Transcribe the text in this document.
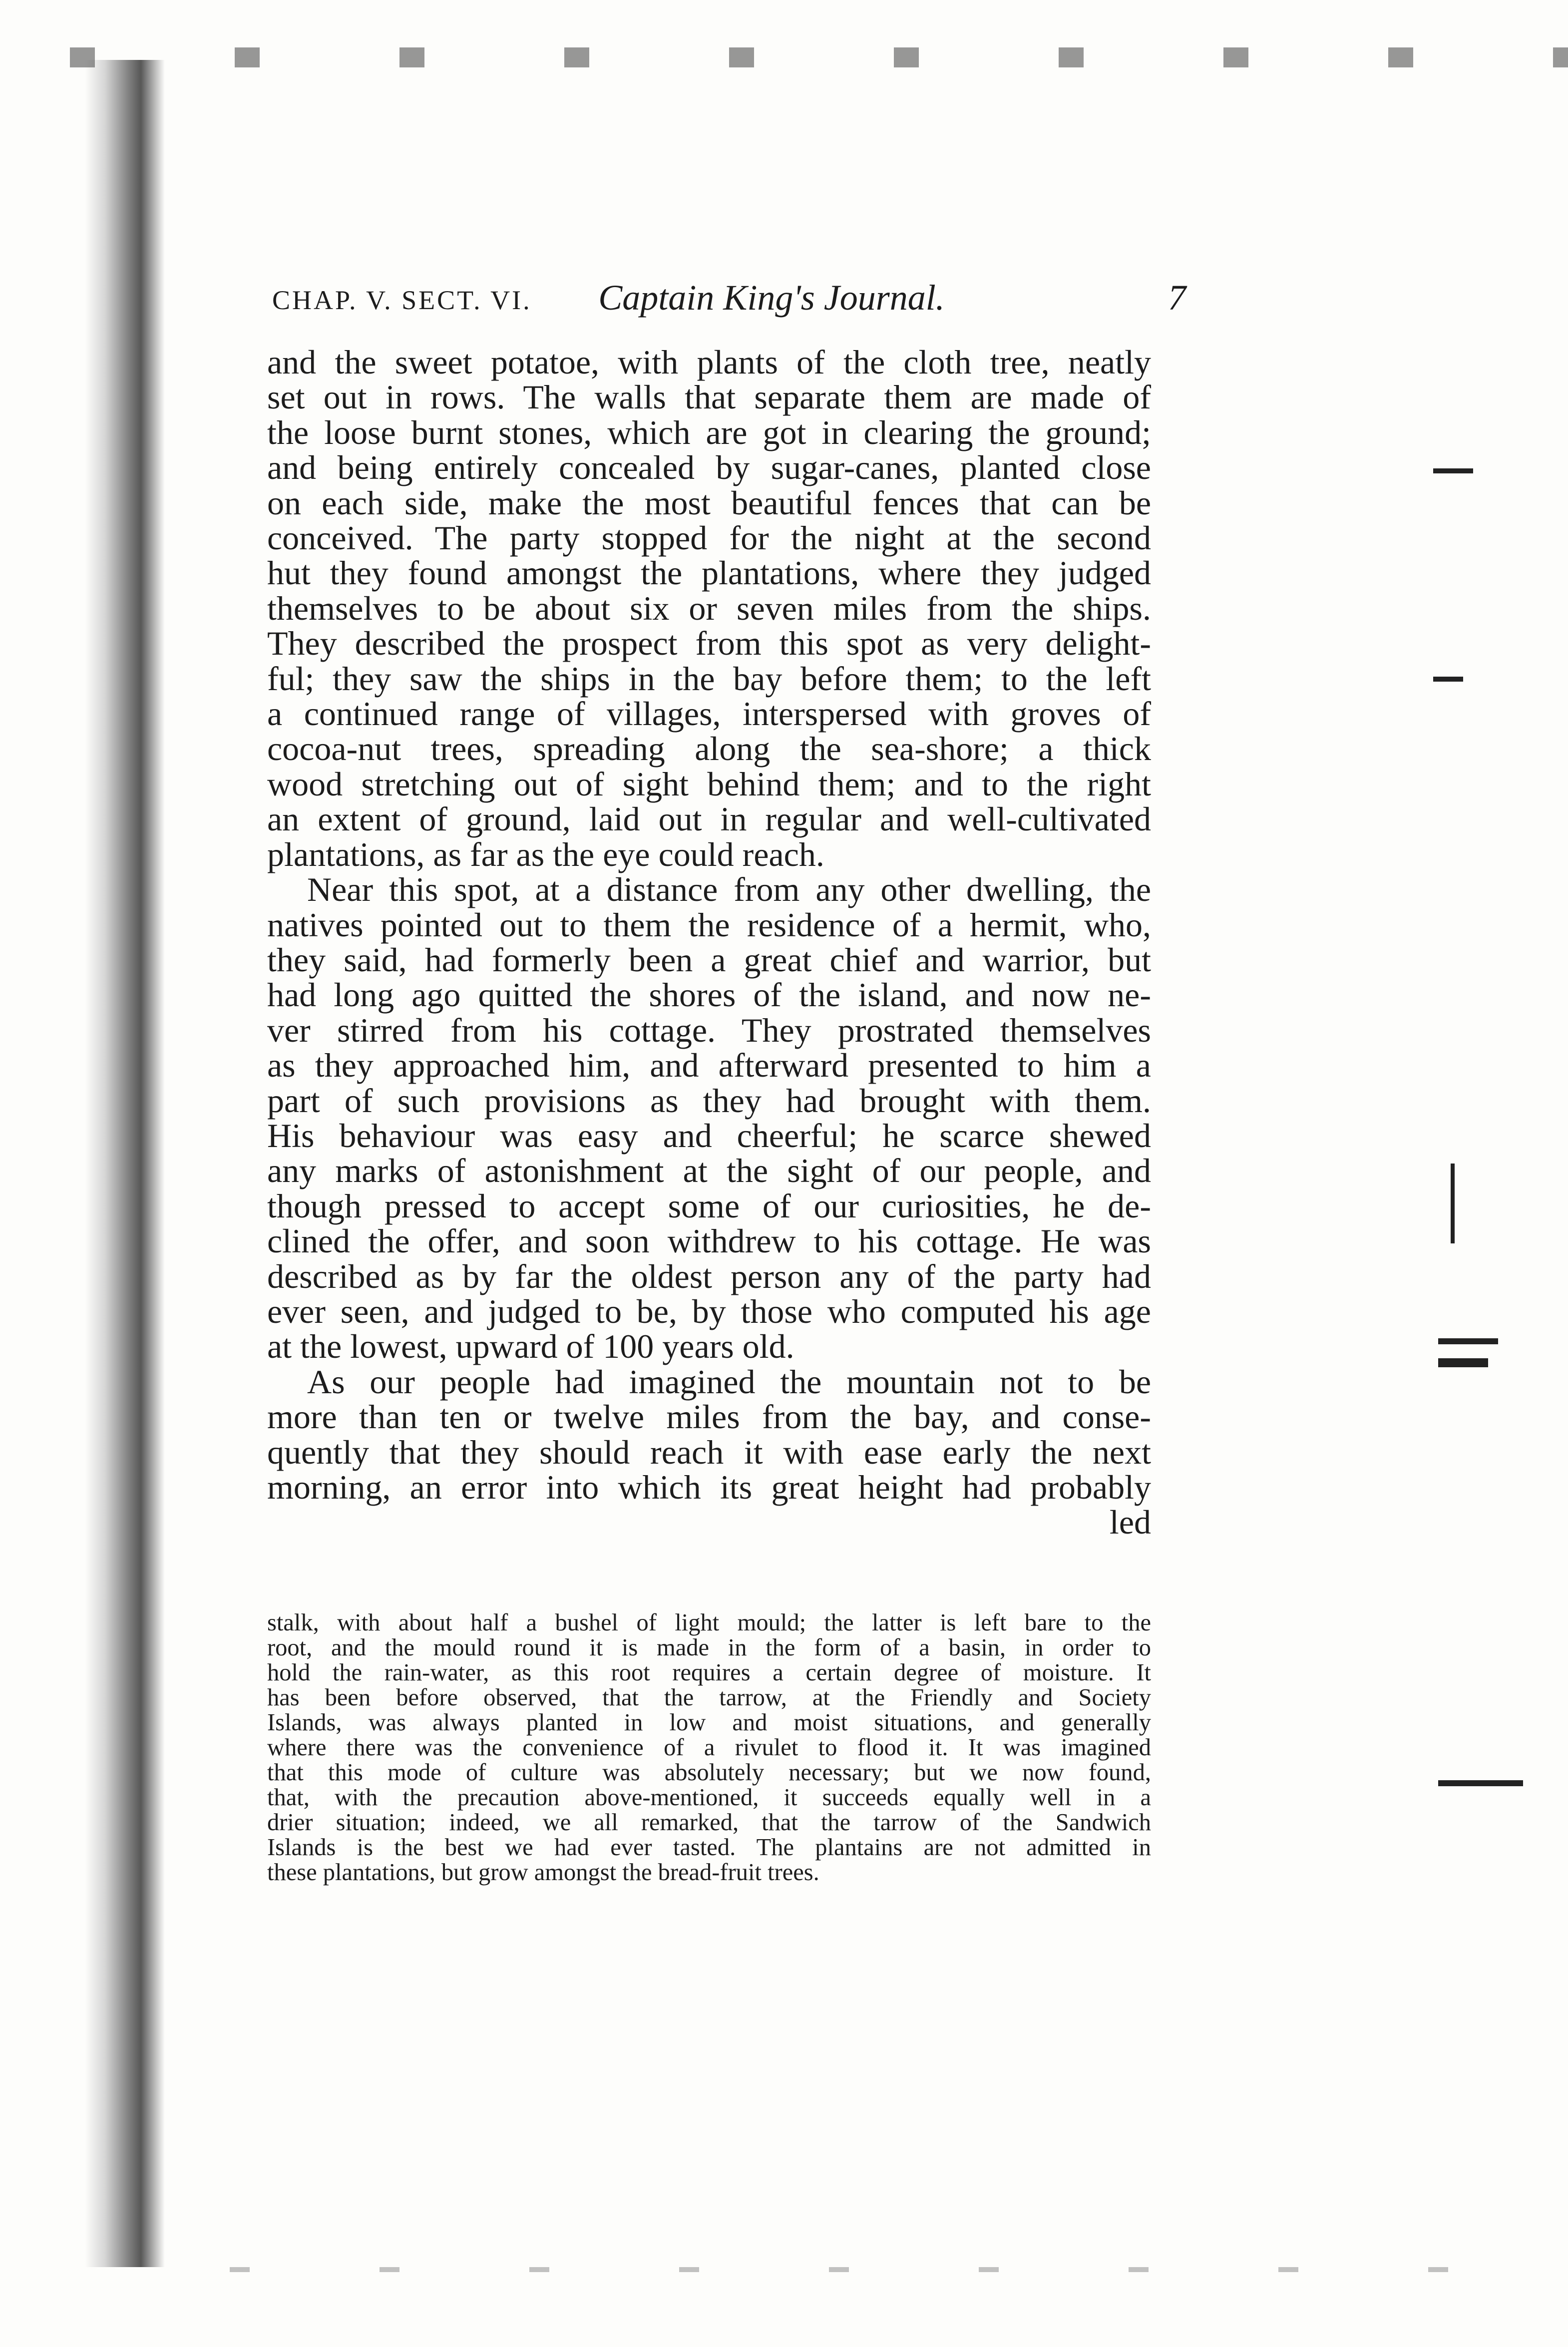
CHAP. V. SECT. VI.	Captain King's Journal.	7
and the sweet potatoe, with plants of the cloth tree, neatly
set out in rows. The walls that separate them are made of
the loose burnt stones, which are got in clearing the ground;
and being entirely concealed by sugar-canes, planted close
on each side, make the most beautiful fences that can be
conceived. The party stopped for the night at the second
hut they found amongst the plantations, where they judged
themselves to be about six or seven miles from the ships.
They described the prospect from this spot as very delight-
ful; they saw the ships in the bay before them; to the left
a continued range of villages, interspersed with groves of
cocoa-nut trees, spreading along the sea-shore; a thick
wood stretching out of sight behind them; and to the right
an extent of ground, laid out in regular and well-cultivated
plantations, as far as the eye could reach.
Near this spot, at a distance from any other dwelling, the
natives pointed out to them the residence of a hermit, who,
they said, had formerly been a great chief and warrior, but
had long ago quitted the shores of the island, and now ne-
ver stirred from his cottage. They prostrated themselves
as they approached him, and afterward presented to him a
part of such provisions as they had brought with them.
His behaviour was easy and cheerful; he scarce shewed
any marks of astonishment at the sight of our people, and
though pressed to accept some of our curiosities, he de-
clined the offer, and soon withdrew to his cottage. He was
described as by far the oldest person any of the party had
ever seen, and judged to be, by those who computed his age
at the lowest, upward of 100 years old.
As our people had imagined the mountain not to be
more than ten or twelve miles from the bay, and conse-
quently that they should reach it with ease early the next
morning, an error into which its great height had probably
led
stalk, with about half a bushel of light mould; the latter is left bare to the
root, and the mould round it is made in the form of a basin, in order to
hold the rain-water, as this root requires a certain degree of moisture. It
has been before observed, that the tarrow, at the Friendly and Society
Islands, was always planted in low and moist situations, and generally
where there was the convenience of a rivulet to flood it. It was imagined
that this mode of culture was absolutely necessary; but we now found,
that, with the precaution above-mentioned, it succeeds equally well in a
drier situation; indeed, we all remarked, that the tarrow of the Sandwich
Islands is the best we had ever tasted. The plantains are not admitted in
these plantations, but grow amongst the bread-fruit trees.
